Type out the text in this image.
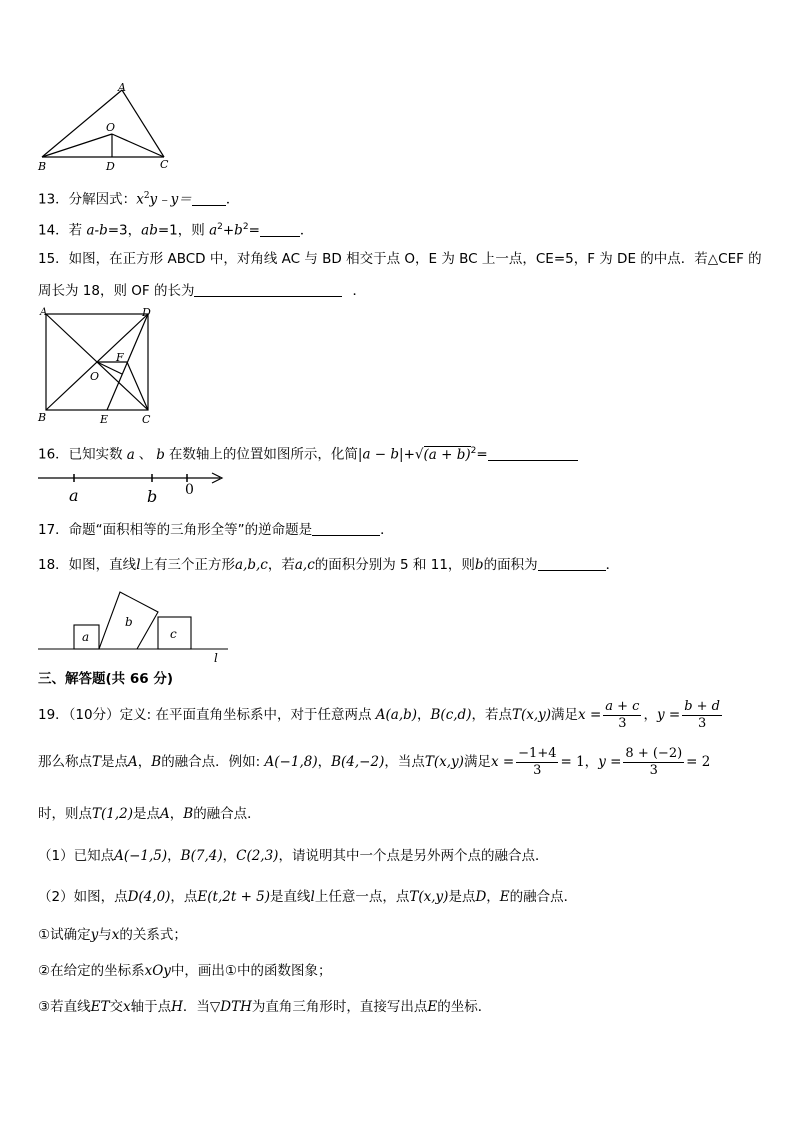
A
O
B	D	C
13．分解因式：$x^2y﹣y=$	．
14．若 a-b=3，ab=1，则 $a^2+b^2=$	．
15．如图，在正方形 ABCD 中，对角线 AC 与 BD 相交于点 O，E 为 BC 上一点，CE=5，F 为 DE 的中点．若△CEF 的
周长为 18，则 OF 的长为	．
A	D
B	C
O
F
E
16．已知实数 a 、 b 在数轴上的位置如图所示，化简$|a - b|+√(a + b)^2=$
a	b 0
17．命题“面积相等的三角形全等”的逆命题是	．
18．如图，直线l上有三个正方形a,b,c，若a,c的面积分别为 5 和 11，则b的面积为	．
a
b
c
l
三、解答题(共 66 分)
19．（10分）定义: 在平面直角坐标系中，对于任意两点 A(a,b)，B(c,d)，若点T(x,y)满足$x = \frac{a + c}{3}$ ，$y = \frac{b + d}{3}$
那么称点T是点A，B的融合点．例如: A(−1,8)，B(4,−2)，当点T(x,y)满足$x = \frac{-1+4}{3} = 1$，$y = \frac{8 + (-2)}{3} = 2$
时，则点T(1,2)是点A，B的融合点．
（1）已知点A(−1,5)，B(7,4)，C(2,3)，请说明其中一个点是另外两个点的融合点．
（2）如图，点D(4,0)，点E(t,2t + 5)是直线l上任意一点，点T(x,y)是点D，E的融合点．
①试确定y与x的关系式；
②在给定的坐标系xOy中，画出①中的函数图象；
③若直线ET交x轴于点H．当▽DTH为直角三角形时，直接写出点E的坐标．
